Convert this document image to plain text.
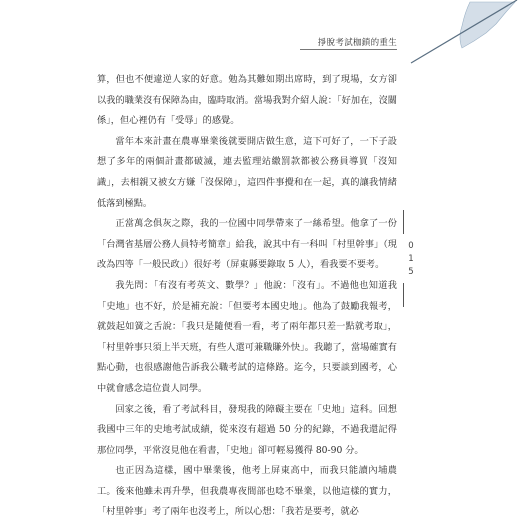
掙脫考試枷鎖的重生

算，但也不便違逆人家的好意。勉為其難如期出席時，到了現場，女方卻以我的職業沒有保障為由，臨時取消。當場我對介紹人說：「好加在，沒關係」，但心裡仍有「受辱」的感覺。

當年本來計畫在農專畢業後就要開店做生意，這下可好了，一下子設想了多年的兩個計畫都破滅，連去監理站繳罰款都被公務員導買「沒知識」，去相親又被女方嫌「沒保障」，這四件事攪和在一起，真的讓我情緒低落到極點。

正當萬念俱灰之際，我的一位國中同學帶來了一絲希望。他拿了一份「台灣省基層公務人員特考簡章」給我，說其中有一科叫「村里幹事」（現改為四等「一般民政」）很好考（屏東縣要錄取 5 人），看我要不要考。

我先問：「有沒有考英文、數學？」他說：「沒有」。不過他也知道我「史地」也不好，於是補充說：「但要考本國史地」。他為了鼓勵我報考，就鼓起如簧之舌說：「我只是隨便看一看，考了兩年都只差一點就考取」，「村里幹事只須上半天班，有些人還可兼職賺外快」。我聽了，當場確實有點心動，也很感謝他告訴我公職考試的這條路。迄今，只要談到國考，心中就會感念這位貴人同學。

回家之後，看了考試科目，發現我的障礙主要在「史地」這科。回想我國中三年的史地考試成績，從來沒有超過 50 分的紀錄，不過我還記得那位同學，平常沒見他在看書，「史地」卻可輕易獲得 80-90 分。

也正因為這樣，國中畢業後，他考上屏東高中，而我只能讀內埔農工。後來他雖未再升學，但我農專夜間部也唸不畢業，以他這樣的實力，「村里幹事」考了兩年也沒考上，所以心想：「我若是要考，就必

015
